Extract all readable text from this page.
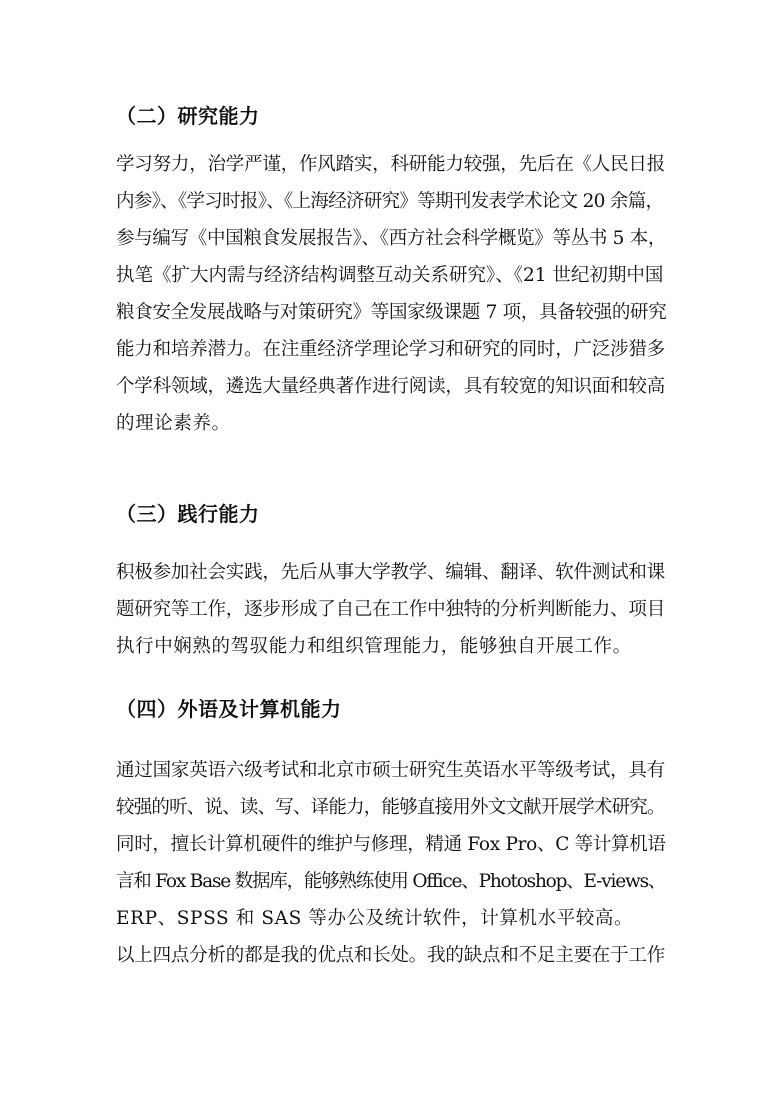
（二）研究能力
学习努力，治学严谨，作风踏实，科研能力较强，先后在《人民日报
内参》、《学习时报》、《上海经济研究》等期刊发表学术论文 20 余篇，
参与编写《中国粮食发展报告》、《西方社会科学概览》等丛书 5 本，
执笔《扩大内需与经济结构调整互动关系研究》、《21 世纪初期中国
粮食安全发展战略与对策研究》等国家级课题 7 项，具备较强的研究
能力和培养潜力。在注重经济学理论学习和研究的同时，广泛涉猎多
个学科领域，遴选大量经典著作进行阅读，具有较宽的知识面和较高
的理论素养。
（三）践行能力
积极参加社会实践，先后从事大学教学、编辑、翻译、软件测试和课
题研究等工作，逐步形成了自己在工作中独特的分析判断能力、项目
执行中娴熟的驾驭能力和组织管理能力，能够独自开展工作。
（四）外语及计算机能力
通过国家英语六级考试和北京市硕士研究生英语水平等级考试，具有
较强的听、说、读、写、译能力，能够直接用外文文献开展学术研究。
同时，擅长计算机硬件的维护与修理，精通 Fox Pro、C 等计算机语
言和 Fox Base 数据库，能够熟练使用 Office、Photoshop、E-views、
ERP、SPSS 和 SAS 等办公及统计软件，计算机水平较高。
以上四点分析的都是我的优点和长处。我的缺点和不足主要在于工作
